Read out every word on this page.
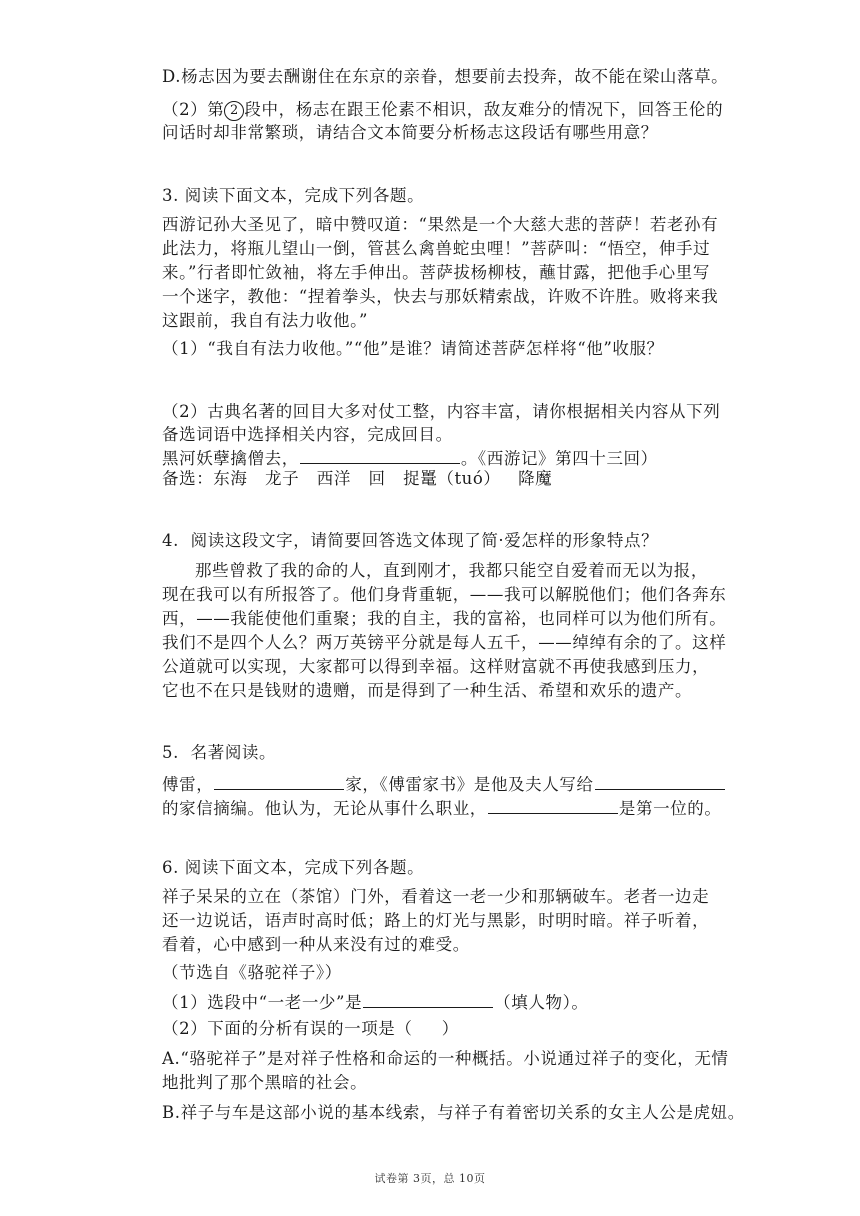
D.杨志因为要去酬谢住在东京的亲眷，想要前去投奔，故不能在梁山落草。
（2）第 2 段中，杨志在跟王伦素不相识，敌友难分的情况下，回答王伦的
问话时却非常繁琐，请结合文本简要分析杨志这段话有哪些用意？
3. 阅读下面文本，完成下列各题。
西游记孙大圣见了，暗中赞叹道：“果然是一个大慈大悲的菩萨！若老孙有
此法力，将瓶儿望山一倒，管甚么禽兽蛇虫哩！”菩萨叫：“悟空，伸手过
来。”行者即忙敛袖，将左手伸出。菩萨拔杨柳枝，蘸甘露，把他手心里写
一个迷字，教他：“捏着拳头，快去与那妖精索战，许败不许胜。败将来我
这跟前，我自有法力收他。”
（1）“我自有法力收他。”“他”是谁？请简述菩萨怎样将“他”收服？
（2）古典名著的回目大多对仗工整，内容丰富，请你根据相关内容从下列
备选词语中选择相关内容，完成回目。
黑河妖孽擒僧去，	。《西游记》第四十三回）
备选：东海   龙子   西洋   回   捉鼍（tuó）   降魔
4.  阅读这段文字，请简要回答选文体现了简·爱怎样的形象特点？
那些曾救了我的命的人，直到刚才，我都只能空自爱着而无以为报，
现在我可以有所报答了。他们身背重轭，——我可以解脱他们；他们各奔东
西，——我能使他们重聚；我的自主，我的富裕，也同样可以为他们所有。
我们不是四个人么？两万英镑平分就是每人五千，——绰绰有余的了。这样
公道就可以实现，大家都可以得到幸福。这样财富就不再使我感到压力，
它也不在只是钱财的遗赠，而是得到了一种生活、希望和欢乐的遗产。
5.  名著阅读。
傅雷，	家，《傅雷家书》是他及夫人写给
的家信摘编。他认为，无论从事什么职业，	是第一位的。
6. 阅读下面文本，完成下列各题。
祥子呆呆的立在（茶馆）门外，看着这一老一少和那辆破车。老者一边走
还一边说话，语声时高时低；路上的灯光与黑影，时明时暗。祥子听着，
看着，心中感到一种从来没有过的难受。
（节选自《骆驼祥子》）
（1）选段中“一老一少”是	（填人物）。
（2）下面的分析有误的一项是（     ）
A.“骆驼祥子”是对祥子性格和命运的一种概括。小说通过祥子的变化，无情
地批判了那个黑暗的社会。
B.祥子与车是这部小说的基本线索，与祥子有着密切关系的女主人公是虎妞。
试卷第 3页，总 10页
